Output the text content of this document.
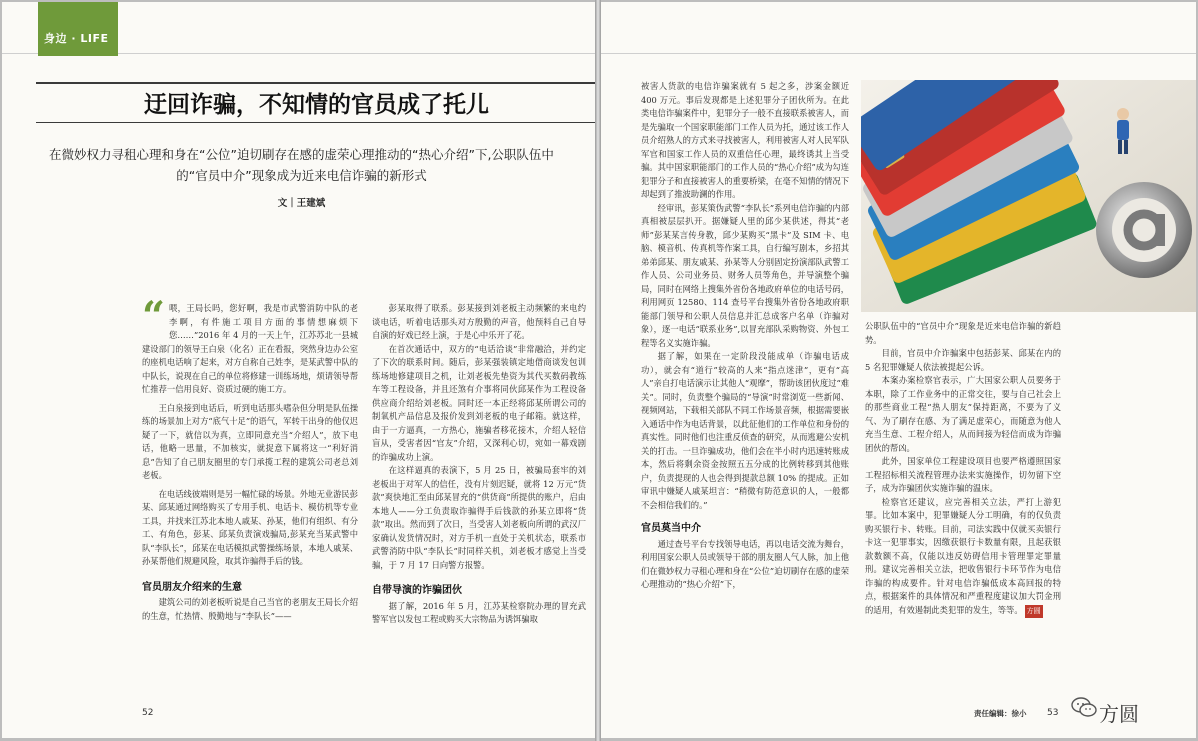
身边 · LIFE
迂回诈骗，不知情的官员成了托儿
在微妙权力寻租心理和身在“公位”迫切刷存在感的虚荣心理推动的“热心介绍”下,公职队伍中的“官员中介”现象成为近来电信诈骗的新形式
文｜王建斌

“ 喂，王局长吗，您好啊，我是市武警消防中队的老李啊，有件施工项目方面的事情想麻烦下您……”2016 年 4 月的一天上午，江苏苏北一县城建设部门的领导王白泉（化名）正在看报，突然身边办公室的座机电话响了起来，对方自称自己姓李，是某武警中队的中队长，说现在自己的单位将修建一训练场地，烦请领导帮忙推荐一信用良好、资质过硬的施工方。

王白泉接到电话后，听到电话那头嗜杂但分明是队伍操练的场景加上对方“底气十足”的语气，军转干出身的他仅迟疑了一下，就信以为真，立即同意充当“介绍人”，放下电话，他略一思量，不加核实，就捉意下属将这一“利好消息”告知了自己朋友圈里的专门承揽工程的建筑公司老总刘老板。

在电话线彼端则是另一幅忙碌的场景。外地无业游民彭某、邱某通过网络购买了专用手机、电话卡、模仿机等专业工具，并找来江苏北本地人戚某、孙某，他们有组织、有分工、有角色，彭某、邱某负责演戏骗局,彭某充当某武警中队“李队长”，邱某在电话模拟武警操练场景，本地人戚某、孙某帮他们规避风险，取其诈骗得手后的钱。

官员朋友介绍来的生意

建筑公司的刘老板听说是自己当官的老朋友王局长介绍的生意，忙热情、殷勤地与“李队长”——

彭某取得了联系。彭某接到刘老板主动频繁的来电约谈电话，听着电话那头对方殷勤的声音，他预料自己自导自演的好戏已经上演，于是心中乐开了花。

在首次通话中，双方的“电话洽谈”非常融洽，并约定了下次的联系时间。随后，彭某强装镇定地借商谈发包训练场地修建项目之机，让刘老板先垫资为其代买数码教练车等工程设备，并且还煞有介事将同伙邱某作为工程设备供应商介绍给刘老板。同时还一本正经将邱某所谓公司的制氧机产品信息及报价发到刘老板的电子邮箱。就这样，由于一方逼真，一方热心，施骗者移花接木，介绍人轻信盲从，受害者因“官友”介绍，又深利心切，宛如一幕戏剧的诈骗成功上演。

在这样逼真的表演下，5 月 25 日，被骗局套牢的刘老板出于对军人的信任，没有片刻迟疑，就将 12 万元“货款”爽快地汇至由邱某冒充的“供货商”所提供的账户，启由本地人——分工负责取诈骗得手后钱款的孙某立即将“货款”取出。然而到了次日，当受害人刘老板向所谓的武汉厂家确认发货情况时，对方手机一直处于关机状态，联系市武警消防中队“李队长”时同样关机，刘老板才感觉上当受骗，于 7 月 17 日向警方报警。

自带导演的诈骗团伙

据了解，2016 年 5 月，江苏某检察院办理的冒充武警军官以发包工程或购买大宗物品为诱饵骗取

52

被害人货款的电信诈骗案就有 5 起之多，涉案金额近 400 万元。事后发现都是上述犯罪分子团伙所为。在此类电信诈骗案件中，犯罪分子一般不直接联系被害人，而是先骗取一个国家职能部门工作人员为托，通过该工作人员介绍熟人的方式来寻找被害人，利用被害人对人民军队军官和国家工作人员的双重信任心理，最终诱其上当受骗。其中国家职能部门的工作人员的“热心介绍”成为勾连犯罪分子和直接被害人的重要桥梁，在毫不知情的情况下却起到了推波助澜的作用。

经审讯，彭某策伪武警“李队长”系列电信诈骗的内部真相被层层扒开。据嫌疑人里的邱少某供述，得其“老师”彭某某言传身教，邱少某购买“黑卡”及 SIM 卡、电脑、模音机、传真机等作案工具，自行编写剧本，乡招其弟弟邱某、朋友戚某、孙某等人分别固定扮演部队武警工作人员、公司业务员、财务人员等角色，并导演整个骗局，同时在网络上搜集外省份各地政府单位的电话号码，利用网页 12580、114 查号平台搜集外省份各地政府职能部门领导和公职人员信息并汇总成客户名单（诈骗对象），逐一电话“联系业务”,以冒充部队采购物资、外包工程等名义实施诈骗。

据了解，如果在一定阶段没能成单（诈骗电话成功），就会有“道行”较高的人来“指点迷津”，更有“高人”亲自打电话演示让其他人“观摩”，帮助该团伙度过“难关”。同时，负责整个骗局的“导演”时常浏览一些新闻、视频网站，下载相关部队不同工作场景音频，根据需要嵌入通话中作为电话背景，以此征他们的工作单位和身份的真实性。同时他们也注重反侦查的研究，从而逃避公安机关的打击。一旦诈骗成功，他们会在半小时内迅速转账成本，然后将剩余资金按照五五分成的比例转移到其他账户，负责提现的人也会得到提款总额 10% 的提成。正如审讯中嫌疑人戚某坦言：“稍微有防范意识的人，一般都不会相信我们的。”

官员莫当中介

通过查号平台专找领导电话，再以电话交流为舞台，利用国家公职人员或领导干部的朋友圈人气人脉，加上他们在微妙权力寻租心理和身在“公位”迫切刷存在感的虚荣心理推动的“热心介绍”下，

公职队伍中的“官员中介”现象是近来电信诈骗的新趋势。

目前，官员中介诈骗案中包括彭某、邱某在内的 5 名犯罪嫌疑人依法被提起公诉。

本案办案检察官表示，广大国家公职人员要务于本职，除了工作业务中的正常交往，要与自己社会上的那些商业工程“热人朋友”保持距离，不要为了义气、为了刷存在感、为了满足虚荣心，而随意为他人充当生意、工程介绍人，从而间接为轻信而成为诈骗团伙的帮凶。

此外，国家单位工程建设项目也要严格遵照国家工程招标相关流程管理办法来实施操作，切勿留下空子，成为诈骗团伙实施诈骗的温床。

检察官还建议，应完善相关立法，严打上游犯罪。比如本案中，犯罪嫌疑人分工明确，有的仅负责购买银行卡、转账。目前，司法实践中仅就买卖银行卡这一犯罪事实，因缴获银行卡数量有限，且起获银款数额不高，仅能以违反妨碍信用卡管理罪定罪量刑。建议完善相关立法，把收售银行卡环节作为电信诈骗的构成要件。针对电信诈骗低成本高回报的特点，根据案件的具体情况和严重程度建议加大罚金刑的适用，有效遏制此类犯罪的发生，等等。 方圆

责任编辑：徐小	方圆
53
